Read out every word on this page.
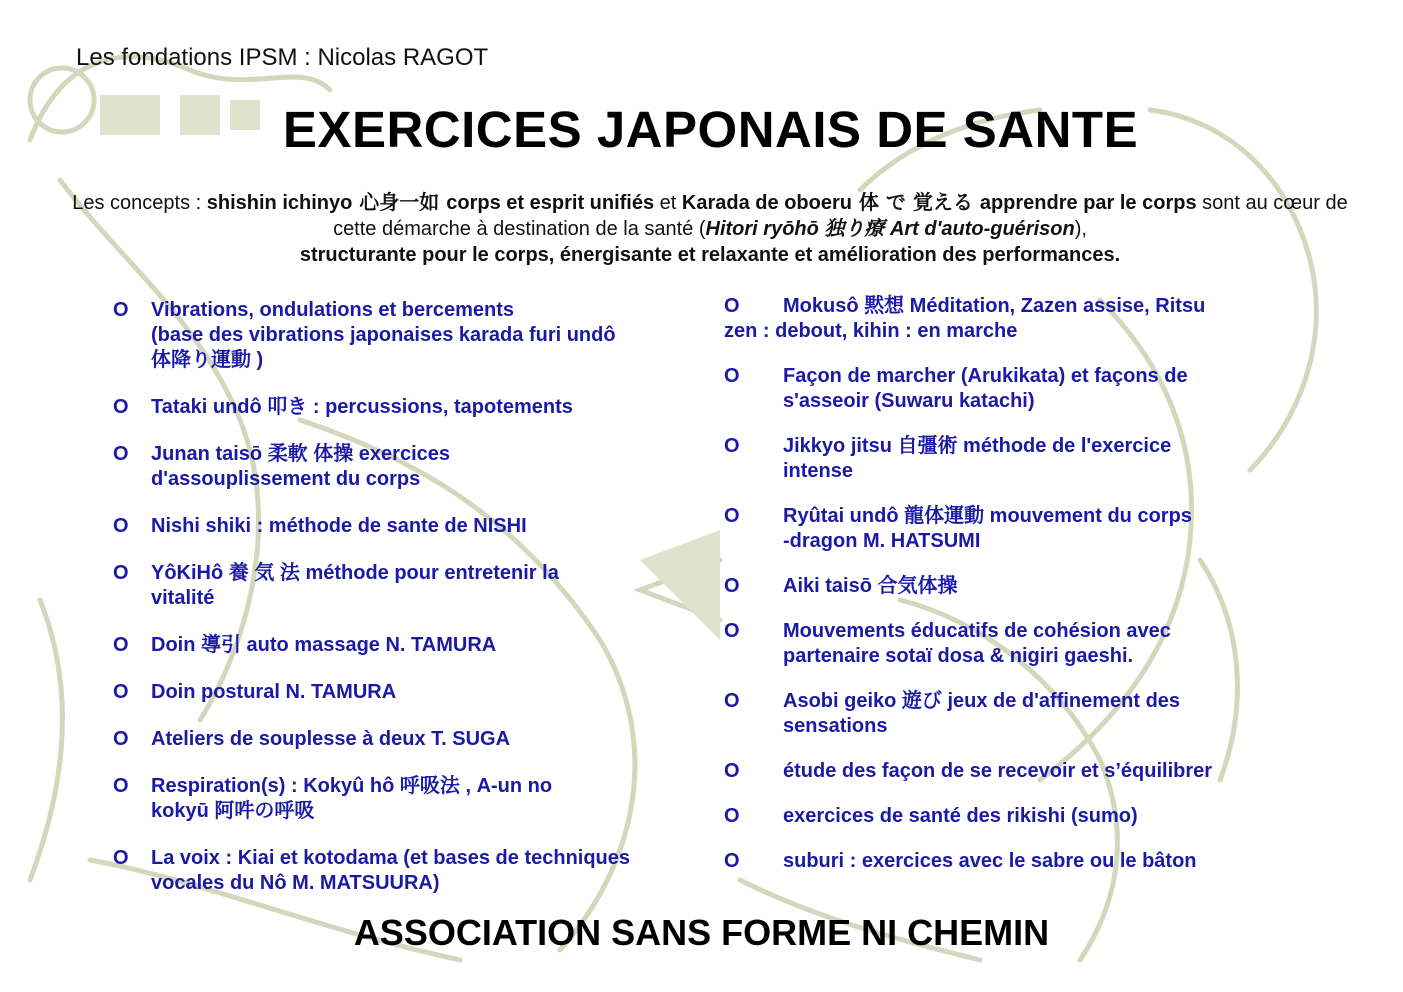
Les fondations IPSM : Nicolas RAGOT
EXERCICES JAPONAIS DE SANTE
Les concepts : shishin ichinyo 心身一如 corps et esprit unifiés et Karada de oboeru 体 で 覚える apprendre par le corps sont au cœur de cette démarche à destination de la santé (Hitori ryōhō 独り療 Art d'auto-guérison),
structurante pour le corps, énergisante et relaxante et amélioration des performances.
O Vibrations, ondulations et bercements
(base des vibrations japonaises karada furi undô
体降り運動 )
O Tataki undô 叩き : percussions, tapotements
O Junan taisō 柔軟 体操 exercices
d'assouplissement du corps
O Nishi shiki : méthode de sante de NISHI
O YôKiHô 養 気 法 méthode pour entretenir la
vitalité
O Doin 導引 auto massage N. TAMURA
O Doin postural N. TAMURA
O Ateliers de souplesse à deux T. SUGA
O Respiration(s) : Kokyû hô 呼吸法 , A-un no
kokyū 阿吽の呼吸
O La voix : Kiai et kotodama (et bases de techniques
vocales du Nô M. MATSUURA)
O Mokusô 黙想 Méditation, Zazen assise, Ritsu
zen : debout, kihin : en marche
O	Façon de marcher (Arukikata) et façons de
s'asseoir (Suwaru katachi)
O	Jikkyo jitsu 自彊術 méthode de l'exercice
intense
O	Ryûtai undô 龍体運動 mouvement du corps
-dragon M. HATSUMI
O	Aiki taisō 合気体操
O	Mouvements éducatifs de cohésion avec
partenaire sotaï dosa & nigiri gaeshi.
O	Asobi geiko 遊び jeux de d'affinement des
sensations
O	étude des façon de se recevoir et s’équilibrer
O	exercices de santé des rikishi (sumo)
O	suburi : exercices avec le sabre ou le bâton
ASSOCIATION SANS FORME NI CHEMIN
